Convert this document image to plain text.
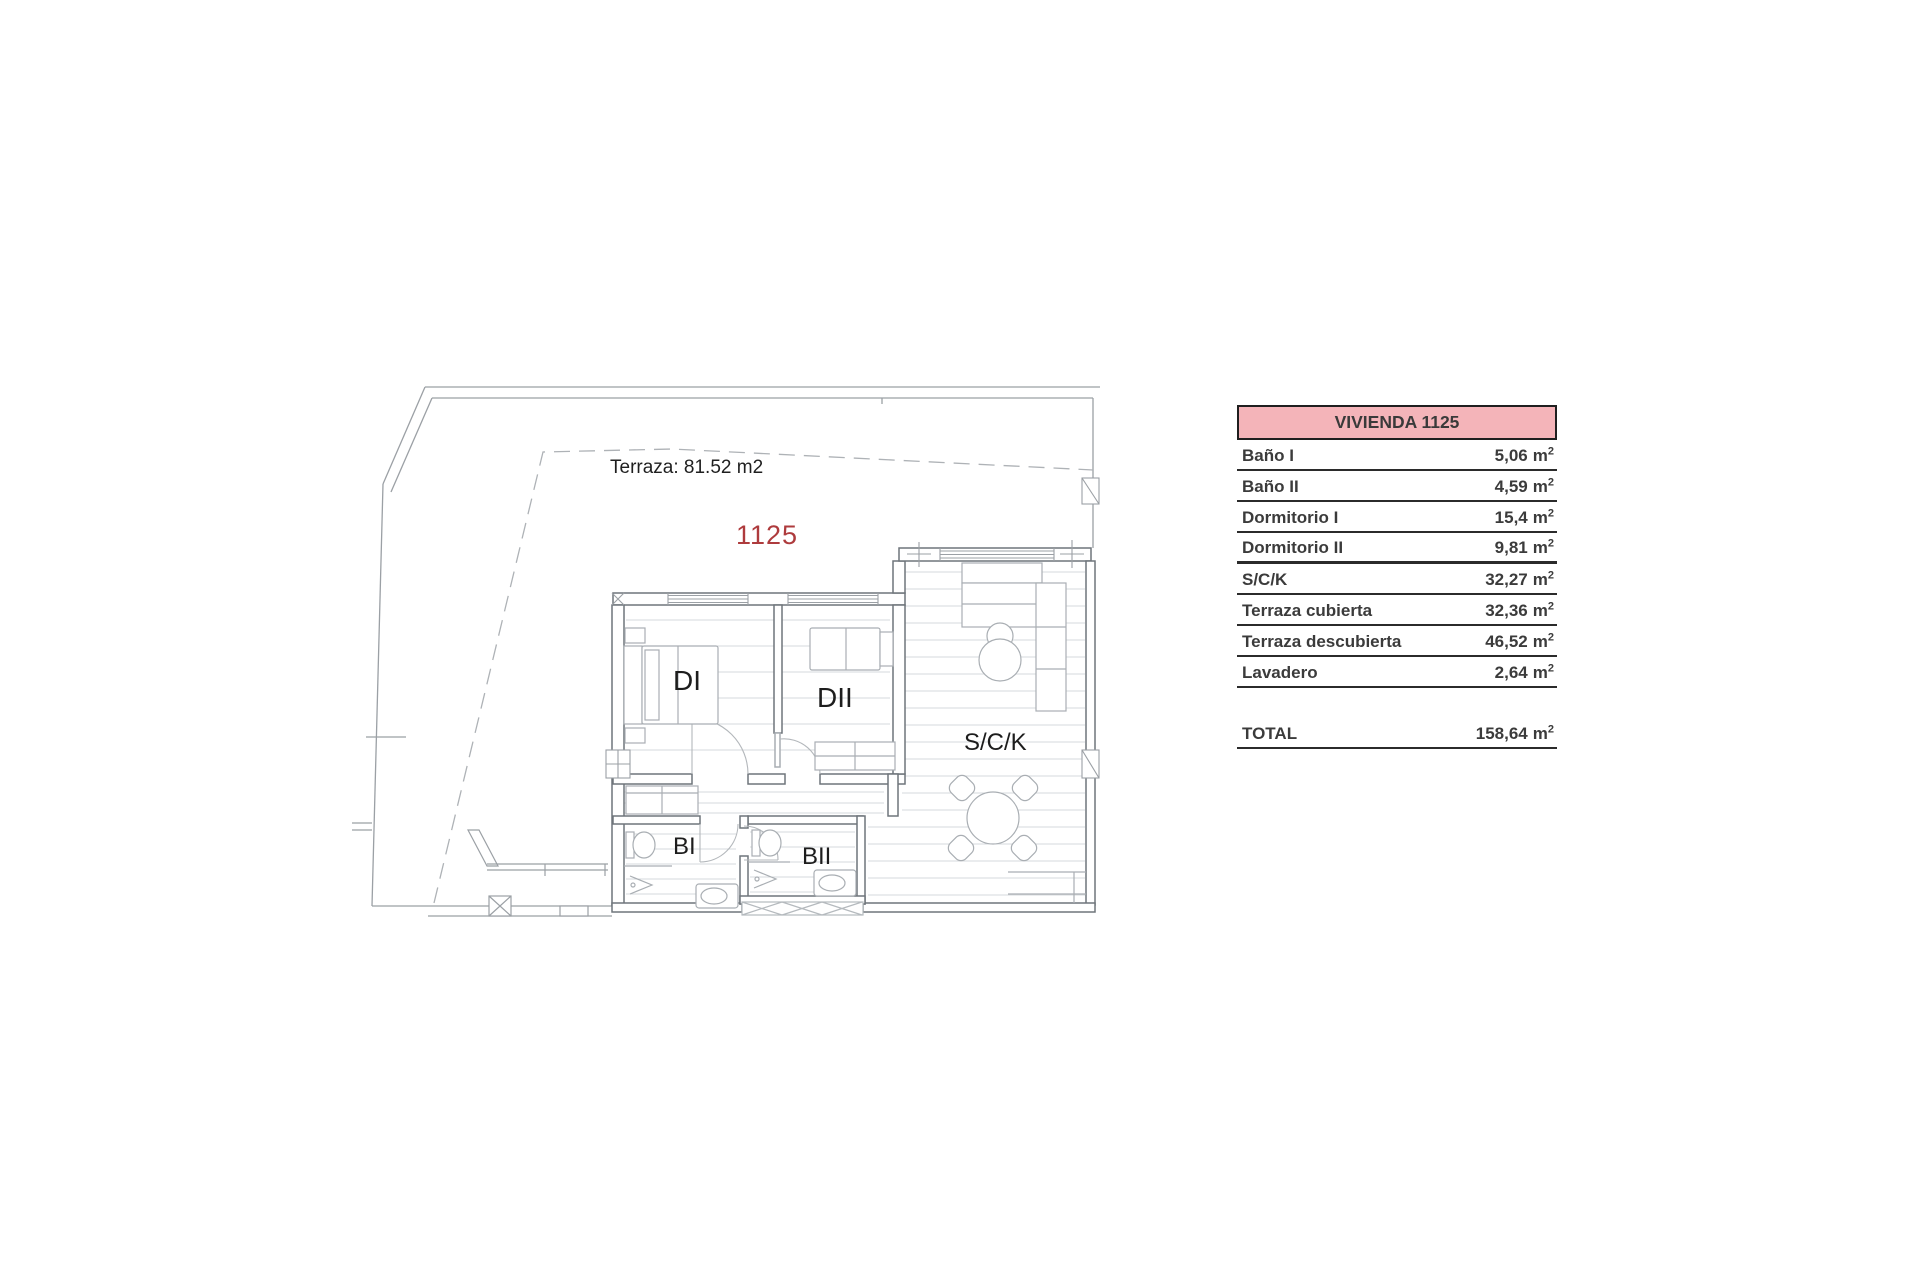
Terraza: 81.52 m2
1125
DI
DII
S/C/K
BI	BII
VIVIENDA 1125
Baño I	5,06 $m^2$
Baño II	4,59 $m^2$
Dormitorio I	15,4 $m^2$
Dormitorio II	9,81 $m^2$
S/C/K	32,27 $m^2$
Terraza cubierta	32,36 $m^2$
Terraza descubierta	46,52 $m^2$
Lavadero	2,64 $m^2$
TOTAL	158,64 $m^2$
